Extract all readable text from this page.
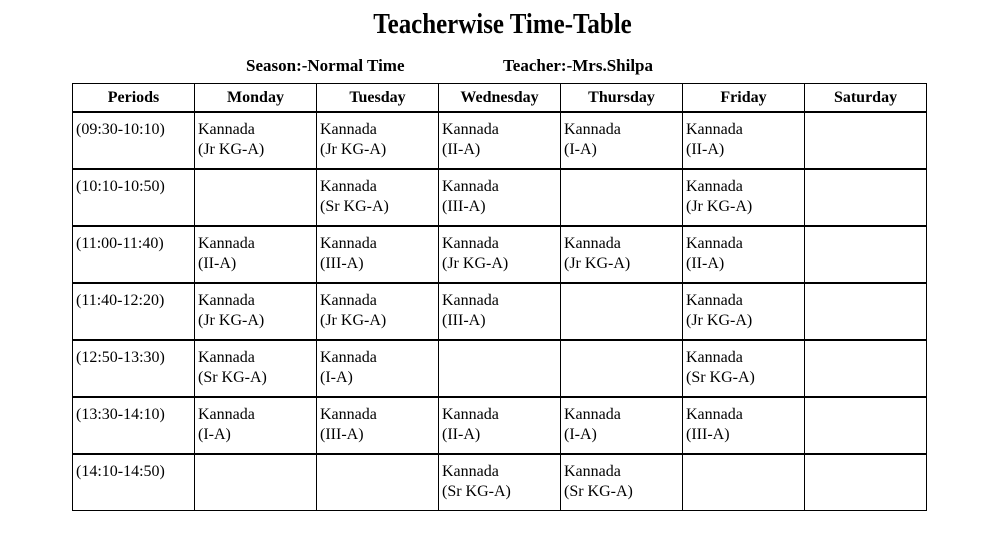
Teacherwise Time-Table
Season:-Normal Time	Teacher:-Mrs.Shilpa
Periods	Monday	Tuesday	Wednesday	Thursday	Friday	Saturday

(09:30-10:10)	Kannada
(Jr KG-A)	Kannada
(Jr KG-A)	Kannada
(II-A)	Kannada
(I-A)	Kannada
(II-A)	

(10:10-10:50)		Kannada
(Sr KG-A)	Kannada
(III-A)		Kannada
(Jr KG-A)	

(11:00-11:40)	Kannada
(II-A)	Kannada
(III-A)	Kannada
(Jr KG-A)	Kannada
(Jr KG-A)	Kannada
(II-A)	

(11:40-12:20)	Kannada
(Jr KG-A)	Kannada
(Jr KG-A)	Kannada
(III-A)		Kannada
(Jr KG-A)	

(12:50-13:30)	Kannada
(Sr KG-A)	Kannada
(I-A)			Kannada
(Sr KG-A)	

(13:30-14:10)	Kannada
(I-A)	Kannada
(III-A)	Kannada
(II-A)	Kannada
(I-A)	Kannada
(III-A)	

(14:10-14:50)			Kannada
(Sr KG-A)	Kannada
(Sr KG-A)		
